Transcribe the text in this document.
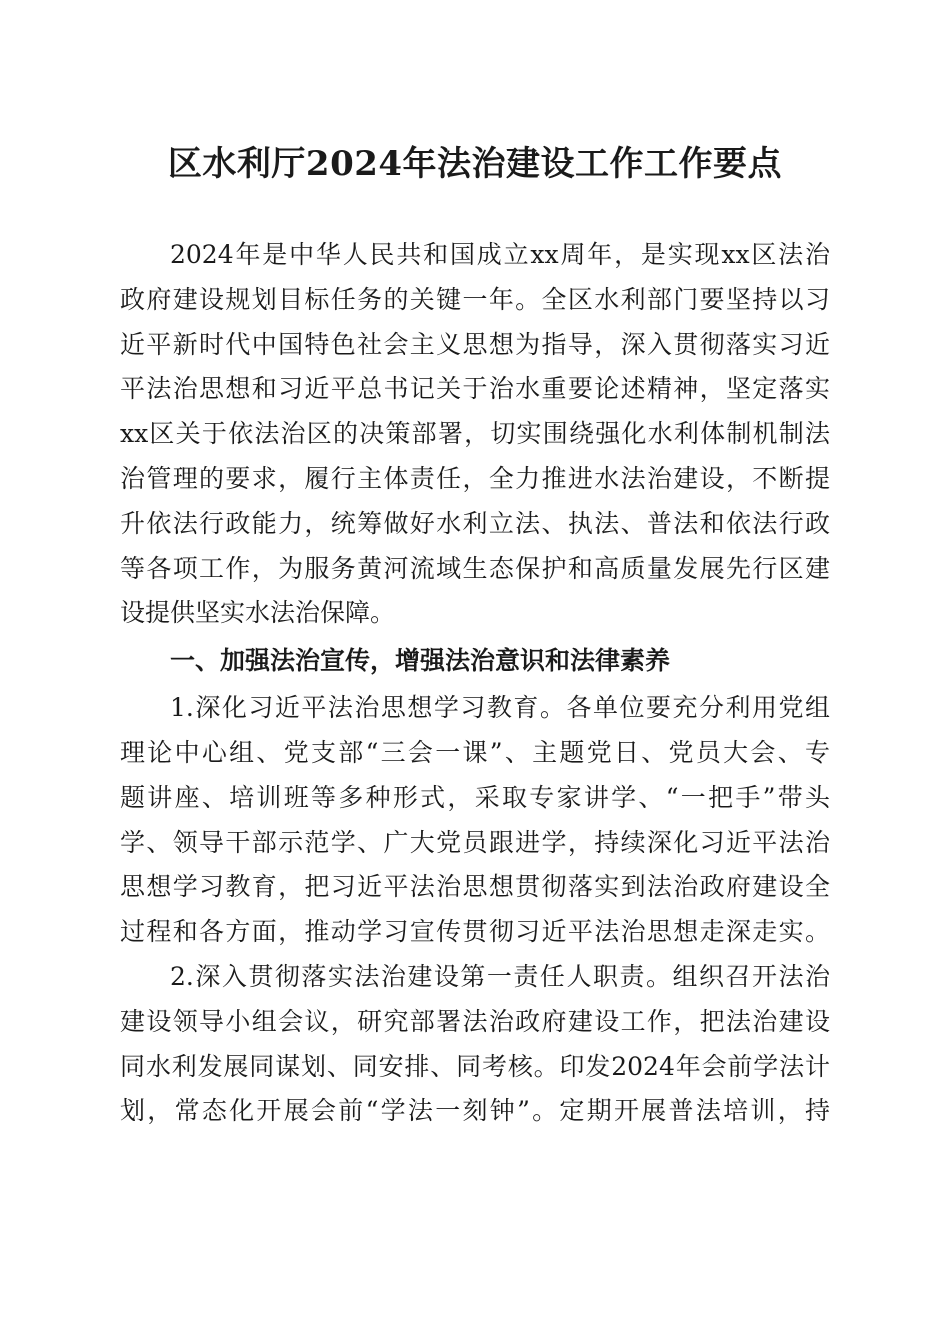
区水利厅2024年法治建设工作工作要点
2024年是中华人民共和国成立xx周年，是实现xx区法治
政府建设规划目标任务的关键一年。全区水利部门要坚持以习
近平新时代中国特色社会主义思想为指导，深入贯彻落实习近
平法治思想和习近平总书记关于治水重要论述精神，坚定落实
xx区关于依法治区的决策部署，切实围绕强化水利体制机制法
治管理的要求，履行主体责任，全力推进水法治建设，不断提
升依法行政能力，统筹做好水利立法、执法、普法和依法行政
等各项工作，为服务黄河流域生态保护和高质量发展先行区建
设提供坚实水法治保障。
一、加强法治宣传，增强法治意识和法律素养
1.深化习近平法治思想学习教育。各单位要充分利用党组
理论中心组、党支部“三会一课”、主题党日、党员大会、专
题讲座、培训班等多种形式，采取专家讲学、“一把手”带头
学、领导干部示范学、广大党员跟进学，持续深化习近平法治
思想学习教育，把习近平法治思想贯彻落实到法治政府建设全
过程和各方面，推动学习宣传贯彻习近平法治思想走深走实。
2.深入贯彻落实法治建设第一责任人职责。组织召开法治
建设领导小组会议，研究部署法治政府建设工作，把法治建设
同水利发展同谋划、同安排、同考核。印发2024年会前学法计
划，常态化开展会前“学法一刻钟”。定期开展普法培训，持
